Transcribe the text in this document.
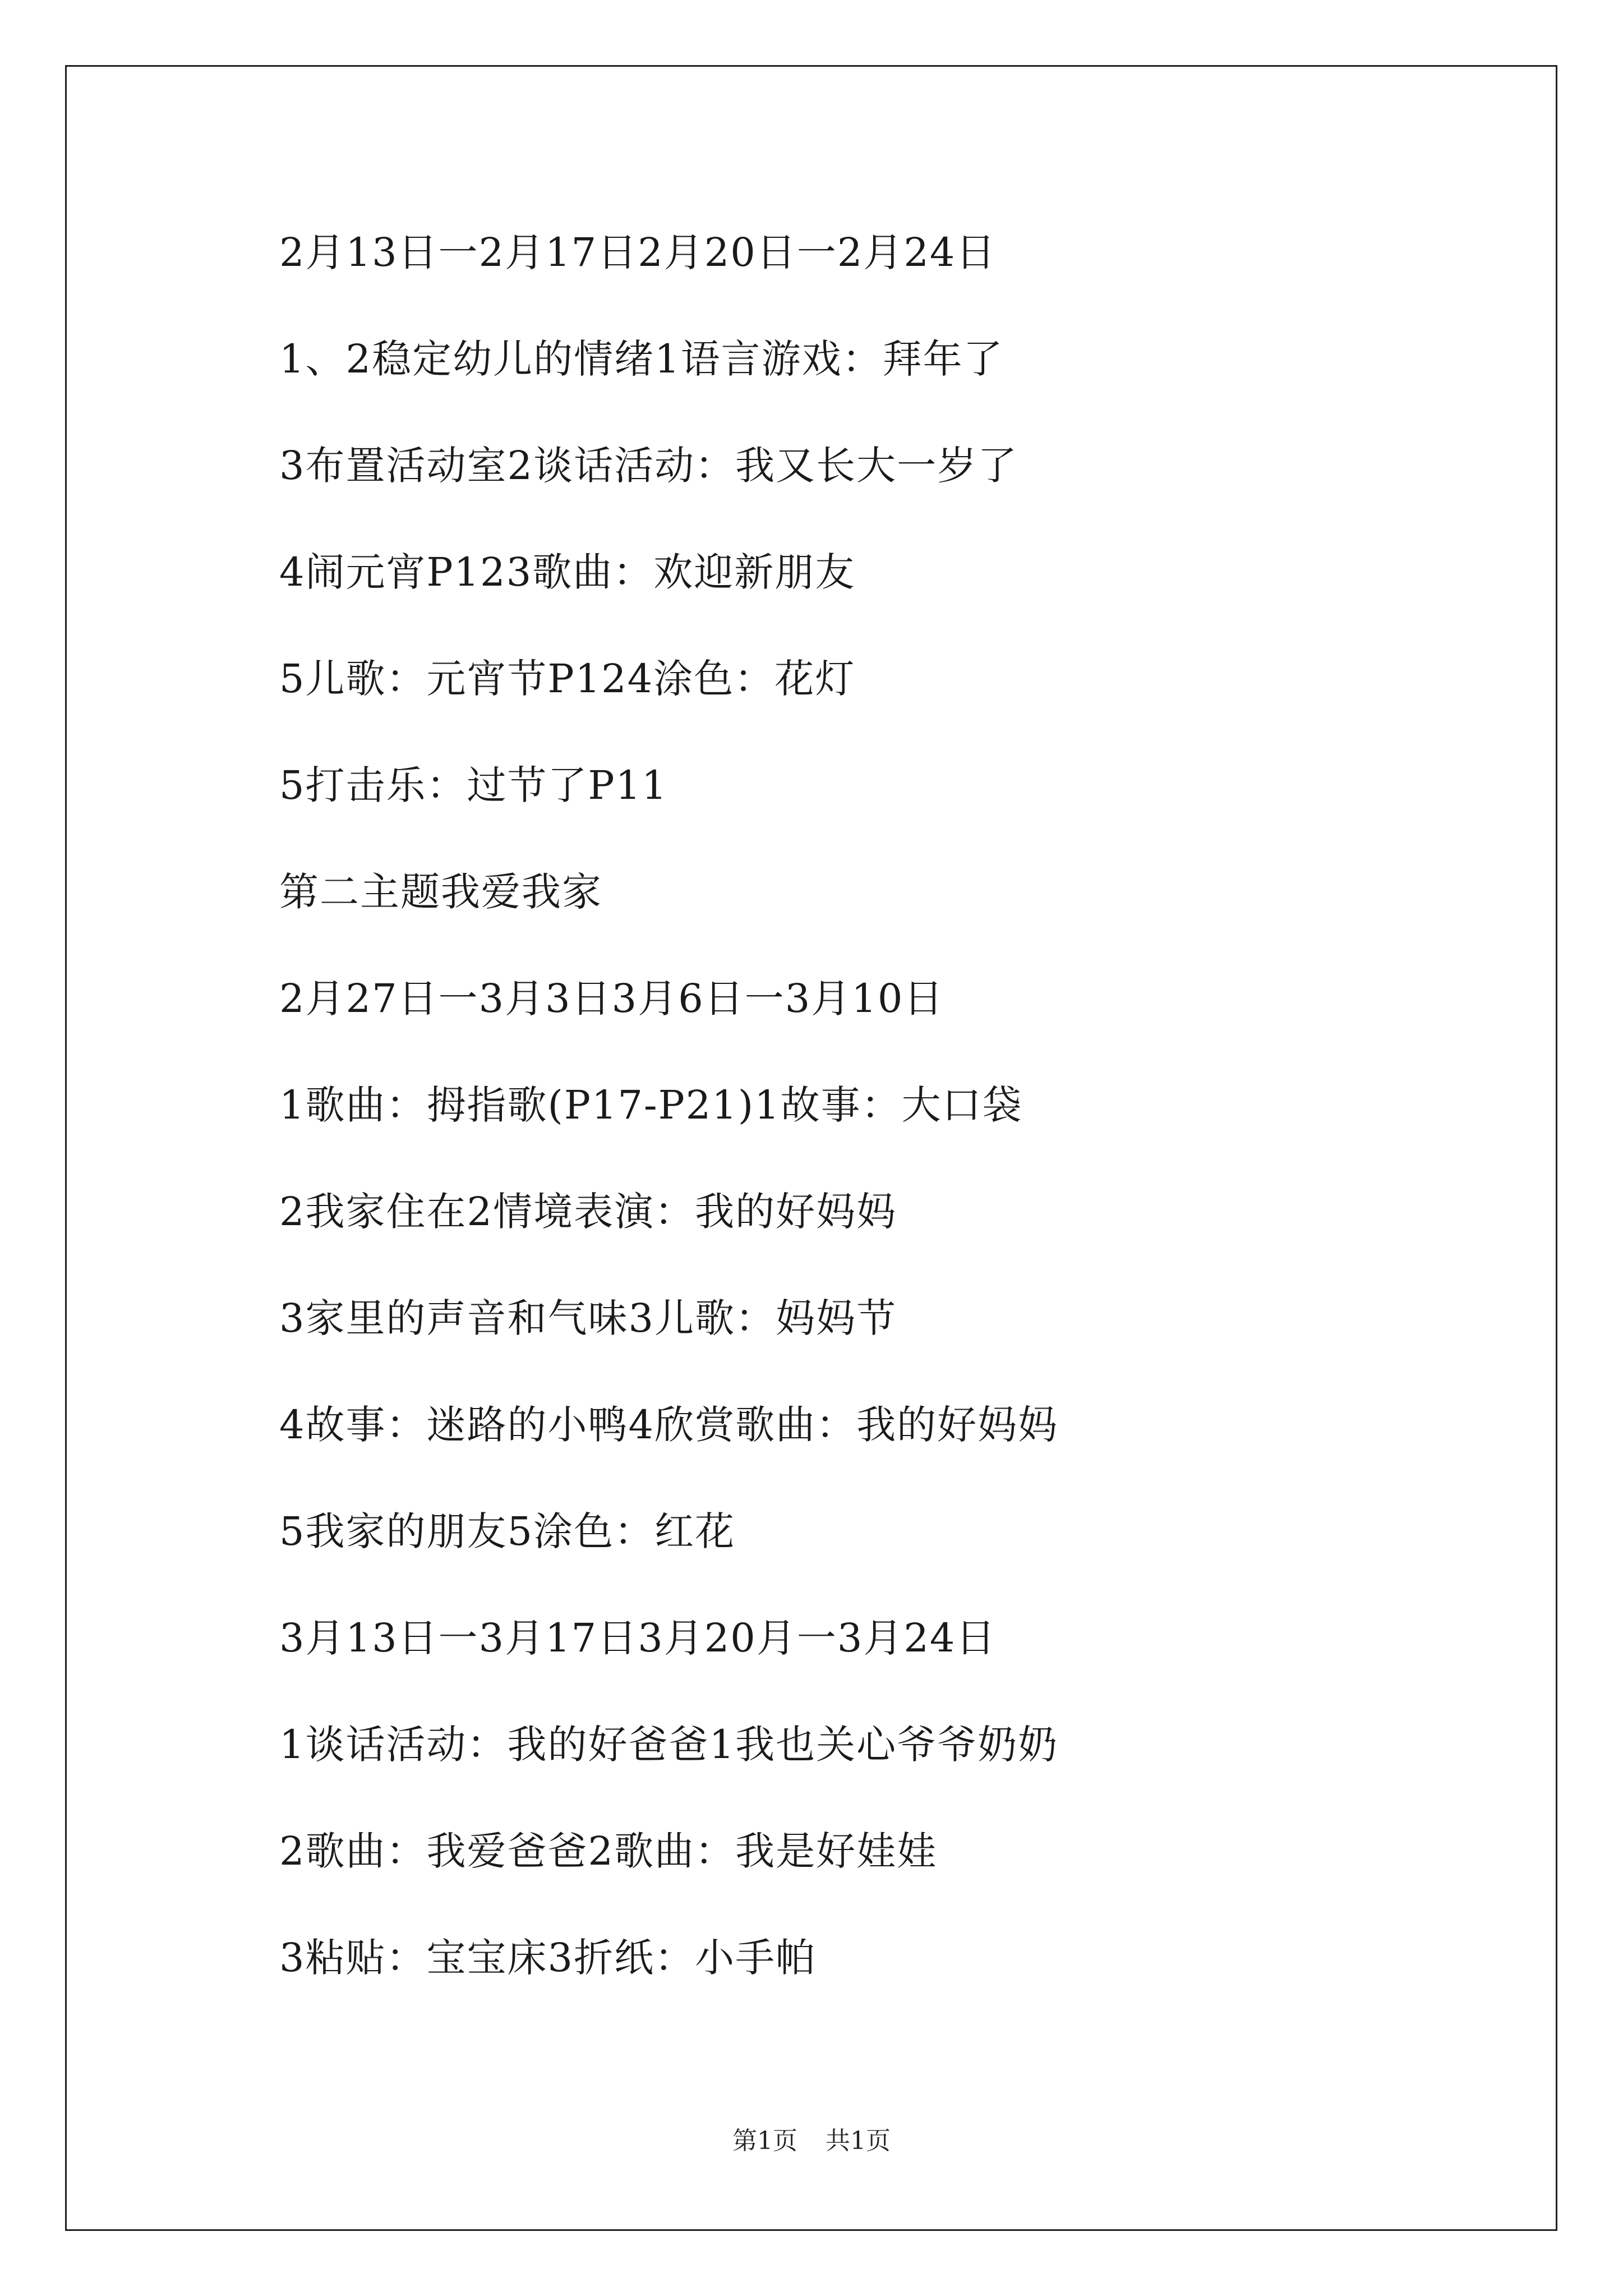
2月13日一2月17日2月20日一2月24日
1、2稳定幼儿的情绪1语言游戏：拜年了
3布置活动室2谈话活动：我又长大一岁了
4闹元宵P123歌曲：欢迎新朋友
5儿歌：元宵节P124涂色：花灯
5打击乐：过节了P11
第二主题我爱我家
2月27日一3月3日3月6日一3月10日
1歌曲：拇指歌(P17-P21)1故事：大口袋
2我家住在2情境表演：我的好妈妈
3家里的声音和气味3儿歌：妈妈节
4故事：迷路的小鸭4欣赏歌曲：我的好妈妈
5我家的朋友5涂色：红花
3月13日一3月17日3月20月一3月24日
1谈话活动：我的好爸爸1我也关心爷爷奶奶
2歌曲：我爱爸爸2歌曲：我是好娃娃
3粘贴：宝宝床3折纸：小手帕
第1页 共1页
